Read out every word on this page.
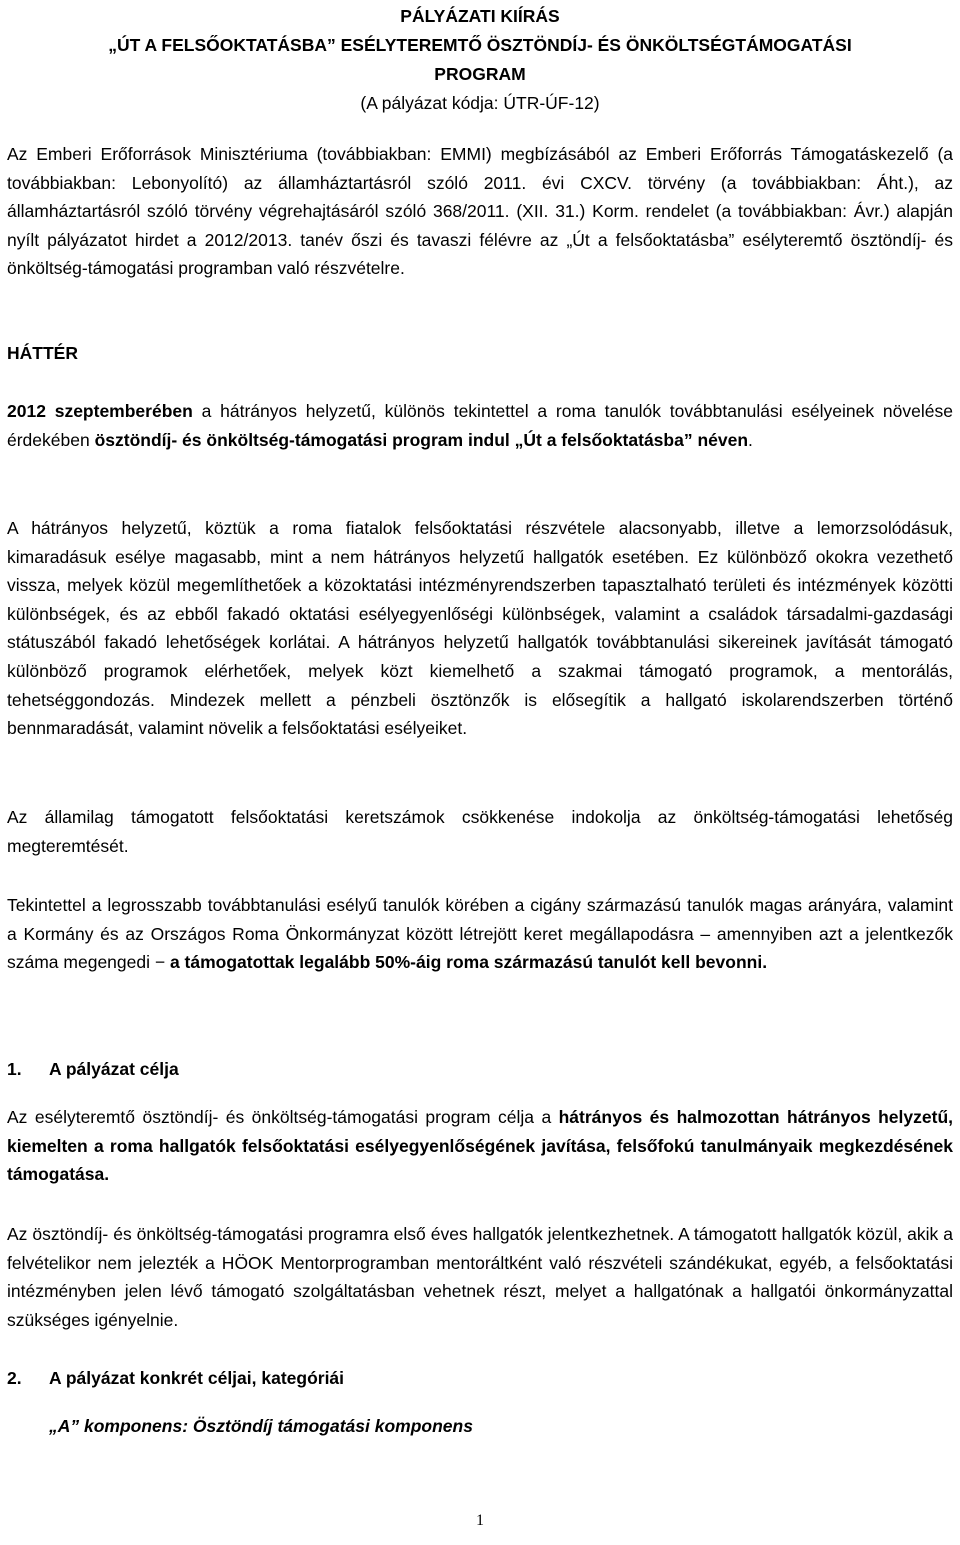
PÁLYÁZATI KIÍRÁS
„ÚT A FELSŐOKTATÁSBA” ESÉLYTEREMTŐ ÖSZTÖNDÍJ- ÉS ÖNKÖLTSÉGTÁMOGATÁSI
PROGRAM
(A pályázat kódja: ÚTR-ÚF-12)

Az Emberi Erőforrások Minisztériuma (továbbiakban: EMMI) megbízásából az Emberi Erőforrás Támogatáskezelő (a továbbiakban: Lebonyolító) az államháztartásról szóló 2011. évi CXCV. törvény (a továbbiakban: Áht.), az államháztartásról szóló törvény végrehajtásáról szóló 368/2011. (XII. 31.) Korm. rendelet (a továbbiakban: Ávr.) alapján nyílt pályázatot hirdet a 2012/2013. tanév őszi és tavaszi félévre az „Út a felsőoktatásba” esélyteremtő ösztöndíj- és önköltség-támogatási programban való részvételre.

HÁTTÉR

2012 szeptemberében a hátrányos helyzetű, különös tekintettel a roma tanulók továbbtanulási esélyeinek növelése érdekében ösztöndíj- és önköltség-támogatási program indul „Út a felsőoktatásba” néven.

A hátrányos helyzetű, köztük a roma fiatalok felsőoktatási részvétele alacsonyabb, illetve a lemorzsolódásuk, kimaradásuk esélye magasabb, mint a nem hátrányos helyzetű hallgatók esetében. Ez különböző okokra vezethető vissza, melyek közül megemlíthetőek a közoktatási intézményrendszerben tapasztalható területi és intézmények közötti különbségek, és az ebből fakadó oktatási esélyegyenlőségi különbségek, valamint a családok társadalmi-gazdasági státuszából fakadó lehetőségek korlátai. A hátrányos helyzetű hallgatók továbbtanulási sikereinek javítását támogató különböző programok elérhetőek, melyek közt kiemelhető a szakmai támogató programok, a mentorálás, tehetséggondozás. Mindezek mellett a pénzbeli ösztönzők is elősegítik a hallgató iskolarendszerben történő bennmaradását, valamint növelik a felsőoktatási esélyeiket.

Az államilag támogatott felsőoktatási keretszámok csökkenése indokolja az önköltség-támogatási lehetőség megteremtését.

Tekintettel a legrosszabb továbbtanulási esélyű tanulók körében a cigány származású tanulók magas arányára, valamint a Kormány és az Országos Roma Önkormányzat között létrejött keret megállapodásra – amennyiben azt a jelentkezők száma megengedi − a támogatottak legalább 50%-áig roma származású tanulót kell bevonni.

1. A pályázat célja

Az esélyteremtő ösztöndíj- és önköltség-támogatási program célja a hátrányos és halmozottan hátrányos helyzetű, kiemelten a roma hallgatók felsőoktatási esélyegyenlőségének javítása, felsőfokú tanulmányaik megkezdésének támogatása.

Az ösztöndíj- és önköltség-támogatási programra első éves hallgatók jelentkezhetnek. A támogatott hallgatók közül, akik a felvételikor nem jelezték a HÖOK Mentorprogramban mentoráltként való részvételi szándékukat, egyéb, a felsőoktatási intézményben jelen lévő támogató szolgáltatásban vehetnek részt, melyet a hallgatónak a hallgatói önkormányzattal szükséges igényelnie.

2. A pályázat konkrét céljai, kategóriái
„A” komponens: Ösztöndíj támogatási komponens
1
